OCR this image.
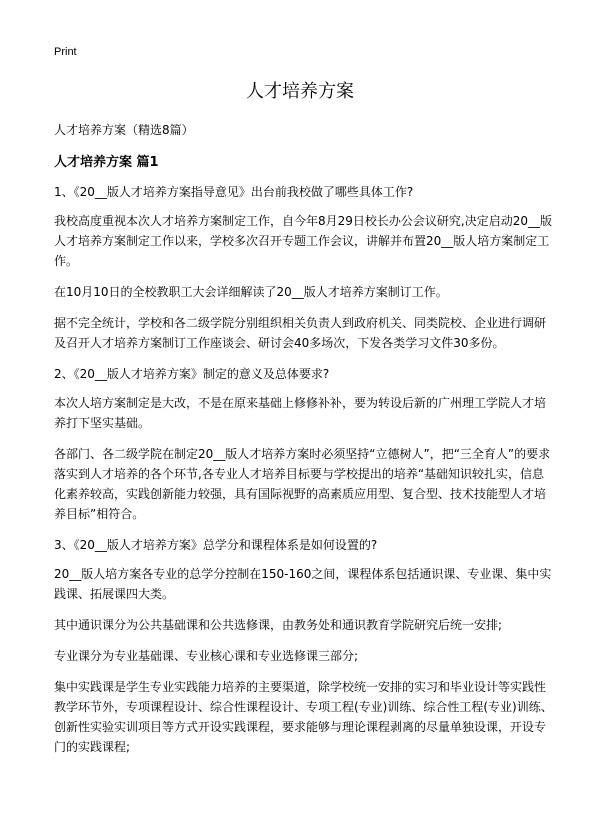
Print
人才培养方案

人才培养方案（精选8篇）

人才培养方案 篇1

1、《20__版人才培养方案指导意见》出台前我校做了哪些具体工作?

我校高度重视本次人才培养方案制定工作，自今年8月29日校长办公会议研究,决定启动20__版人才培养方案制定工作以来，学校多次召开专题工作会议，讲解并布置20__版人培方案制定工作。

在10月10日的全校教职工大会详细解读了20__版人才培养方案制订工作。

据不完全统计，学校和各二级学院分别组织相关负责人到政府机关、同类院校、企业进行调研及召开人才培养方案制订工作座谈会、研讨会40多场次，下发各类学习文件30多份。

2、《20__版人才培养方案》制定的意义及总体要求?

本次人培方案制定是大改，不是在原来基础上修修补补，要为转设后新的广州理工学院人才培养打下坚实基础。

各部门、各二级学院在制定20__版人才培养方案时必须坚持“立德树人”，把“三全育人”的要求落实到人才培养的各个环节,各专业人才培养目标要与学校提出的培养“基础知识较扎实，信息化素养较高，实践创新能力较强，具有国际视野的高素质应用型、复合型、技术技能型人才培养目标”相符合。

3、《20__版人才培养方案》总学分和课程体系是如何设置的?

20__版人培方案各专业的总学分控制在150-160之间，课程体系包括通识课、专业课、集中实践课、拓展课四大类。

其中通识课分为公共基础课和公共选修课，由教务处和通识教育学院研究后统一安排;

专业课分为专业基础课、专业核心课和专业选修课三部分;

集中实践课是学生专业实践能力培养的主要渠道，除学校统一安排的实习和毕业设计等实践性教学环节外，专项课程设计、综合性课程设计、专项工程(专业)训练、综合性工程(专业)训练、创新性实验实训项目等方式开设实践课程，要求能够与理论课程剥离的尽量单独设课，开设专门的实践课程;
